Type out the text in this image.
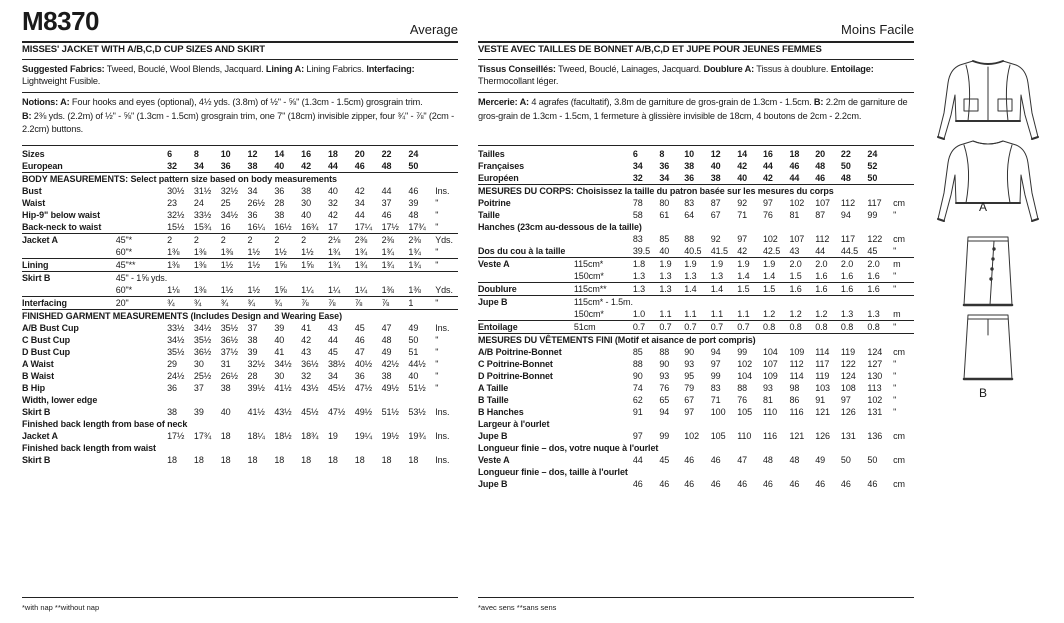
M8370	Average
MISSES' JACKET WITH A/B,C,D CUP SIZES AND SKIRT
Suggested Fabrics: Tweed, Bouclé, Wool Blends, Jacquard. Lining A: Lining Fabrics. Interfacing: Lightweight Fusible.
Notions: A: Four hooks and eyes (optional), 4½ yds. (3.8m) of ½" - ⅝" (1.3cm - 1.5cm) grosgrain trim.
B: 2⅜ yds. (2.2m) of ½" - ⅝" (1.3cm - 1.5cm) grosgrain trim, one 7" (18cm) invisible zipper, four ¾" - ⅞" (2cm - 2.2cm) buttons.
Sizes		6	8	10	12	14	16	18	20	22	24	
European		32	34	36	38	40	42	44	46	48	50	
BODY MEASUREMENTS: Select pattern size based on body measurements												
Bust		30½	31½	32½	34	36	38	40	42	44	46	Ins.
Waist		23	24	25	26½	28	30	32	34	37	39	"
Hip-9" below waist		32½	33½	34½	36	38	40	42	44	46	48	"
Back-neck to waist		15½	15¾	16	16¼	16½	16¾	17	17¼	17½	17¾	"
Jacket A	45"*	2	2	2	2	2	2	2⅛	2⅜	2⅜	2⅜	Yds.
	60"*	1⅜	1⅜	1⅜	1½	1½	1½	1¾	1¾	1¾	1¾	"
Lining	45"**	1⅜	1⅜	1½	1½	1⅝	1⅝	1¾	1¾	1¾	1¾	"
Skirt B	45" - 1⅝ yds.											
	60"*	1⅛	1⅜	1½	1½	1⅝	1¼	1¼	1¼	1⅜	1⅜	Yds.
Interfacing	20"	¾	¾	¾	¾	¾	⅞	⅞	⅞	⅞	1	"
FINISHED GARMENT MEASUREMENTS (Includes Design and Wearing Ease)												
A/B Bust Cup		33½	34½	35½	37	39	41	43	45	47	49	Ins.
C Bust Cup		34½	35½	36½	38	40	42	44	46	48	50	"
D Bust Cup		35½	36½	37½	39	41	43	45	47	49	51	"
A Waist		29	30	31	32½	34½	36½	38½	40½	42½	44½	"
B Waist		24½	25½	26½	28	30	32	34	36	38	40	"
B Hip		36	37	38	39½	41½	43½	45½	47½	49½	51½	"
Width, lower edge												
Skirt B		38	39	40	41½	43½	45½	47½	49½	51½	53½	Ins.
Finished back length from base of neck												
Jacket A		17½	17¾	18	18¼	18½	18¾	19	19¼	19½	19¾	Ins.
Finished back length from waist												
Skirt B		18	18	18	18	18	18	18	18	18	18	Ins.
*with nap **without nap
Moins Facile
VESTE AVEC TAILLES DE BONNET A/B,C,D ET JUPE POUR JEUNES FEMMES
Tissus Conseillés: Tweed, Bouclé, Lainages, Jacquard. Doublure A: Tissus à doublure. Entoilage: Thermocollant léger.
Mercerie: A: 4 agrafes (facultatif), 3.8m de garniture de gros-grain de 1.3cm - 1.5cm. B: 2.2m de garniture de gros-grain de 1.3cm - 1.5cm, 1 fermeture à glissière invisible de 18cm, 4 boutons de 2cm - 2.2cm.
Tailles		6	8	10	12	14	16	18	20	22	24	
Françaises		34	36	38	40	42	44	46	48	50	52	
Européen		32	34	36	38	40	42	44	46	48	50	
MESURES DU CORPS: Choisissez la taille du patron basée sur les mesures du corps												
Poitrine		78	80	83	87	92	97	102	107	112	117	cm
Taille		58	61	64	67	71	76	81	87	94	99	"
Hanches (23cm au-dessous de la taille)												
		83	85	88	92	97	102	107	112	117	122	cm
Dos du cou à la taille		39.5	40	40.5	41.5	42	42.5	43	44	44.5	45	"
Veste A	115cm*	1.8	1.9	1.9	1.9	1.9	1.9	2.0	2.0	2.0	2.0	m
	150cm*	1.3	1.3	1.3	1.3	1.4	1.4	1.5	1.6	1.6	1.6	"
Doublure	115cm**	1.3	1.3	1.4	1.4	1.5	1.5	1.6	1.6	1.6	1.6	"
Jupe B	115cm* - 1.5m.											
	150cm*	1.0	1.1	1.1	1.1	1.1	1.2	1.2	1.2	1.3	1.3	m
Entoilage	51cm	0.7	0.7	0.7	0.7	0.7	0.8	0.8	0.8	0.8	0.8	"
MESURES DU VÊTEMENTS FINI (Motif et aisance de port compris)												
A/B Poitrine-Bonnet		85	88	90	94	99	104	109	114	119	124	cm
C Poitrine-Bonnet		88	90	93	97	102	107	112	117	122	127	"
D Poitrine-Bonnet		90	93	95	99	104	109	114	119	124	130	"
A Taille		74	76	79	83	88	93	98	103	108	113	"
B Taille		62	65	67	71	76	81	86	91	97	102	"
B Hanches		91	94	97	100	105	110	116	121	126	131	"
Largeur à l'ourlet												
Jupe B		97	99	102	105	110	116	121	126	131	136	cm
Longueur finie – dos, votre nuque à l'ourlet												
Veste A		44	45	46	46	47	48	48	49	50	50	cm
Longueur finie – dos, taille à l'ourlet												
Jupe B		46	46	46	46	46	46	46	46	46	46	cm
*avec sens **sans sens
A
B
